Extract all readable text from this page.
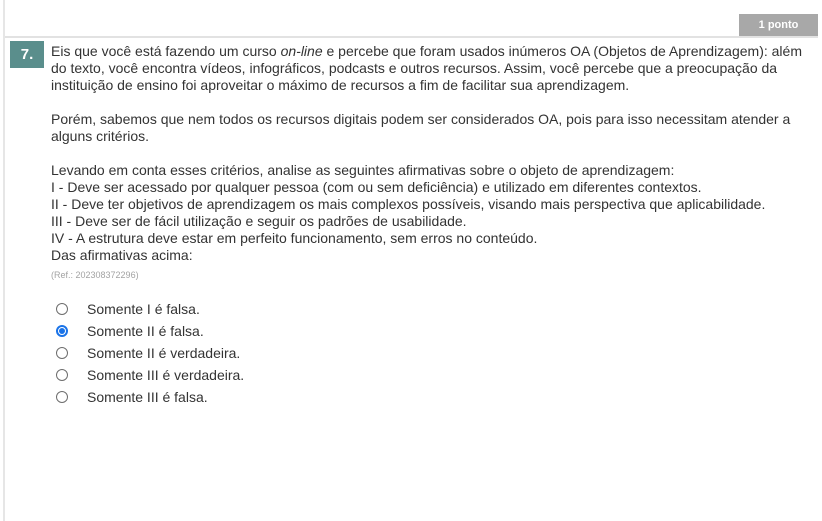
1 ponto
7.	Eis que você está fazendo um curso on-line e percebe que foram usados inúmeros OA (Objetos de Aprendizagem): além do texto, você encontra vídeos, infográficos, podcasts e outros recursos. Assim, você percebe que a preocupação da instituição de ensino foi aproveitar o máximo de recursos a fim de facilitar sua aprendizagem.

Porém, sabemos que nem todos os recursos digitais podem ser considerados OA, pois para isso necessitam atender a alguns critérios.

Levando em conta esses critérios, analise as seguintes afirmativas sobre o objeto de aprendizagem:

I - Deve ser acessado por qualquer pessoa (com ou sem deficiência) e utilizado em diferentes contextos.

II - Deve ter objetivos de aprendizagem os mais complexos possíveis, visando mais perspectiva que aplicabilidade.

III - Deve ser de fácil utilização e seguir os padrões de usabilidade.

IV - A estrutura deve estar em perfeito funcionamento, sem erros no conteúdo.

Das afirmativas acima:

(Ref.: 202308372296)
Somente I é falsa.
Somente II é falsa.
Somente II é verdadeira.
Somente III é verdadeira.
Somente III é falsa.
